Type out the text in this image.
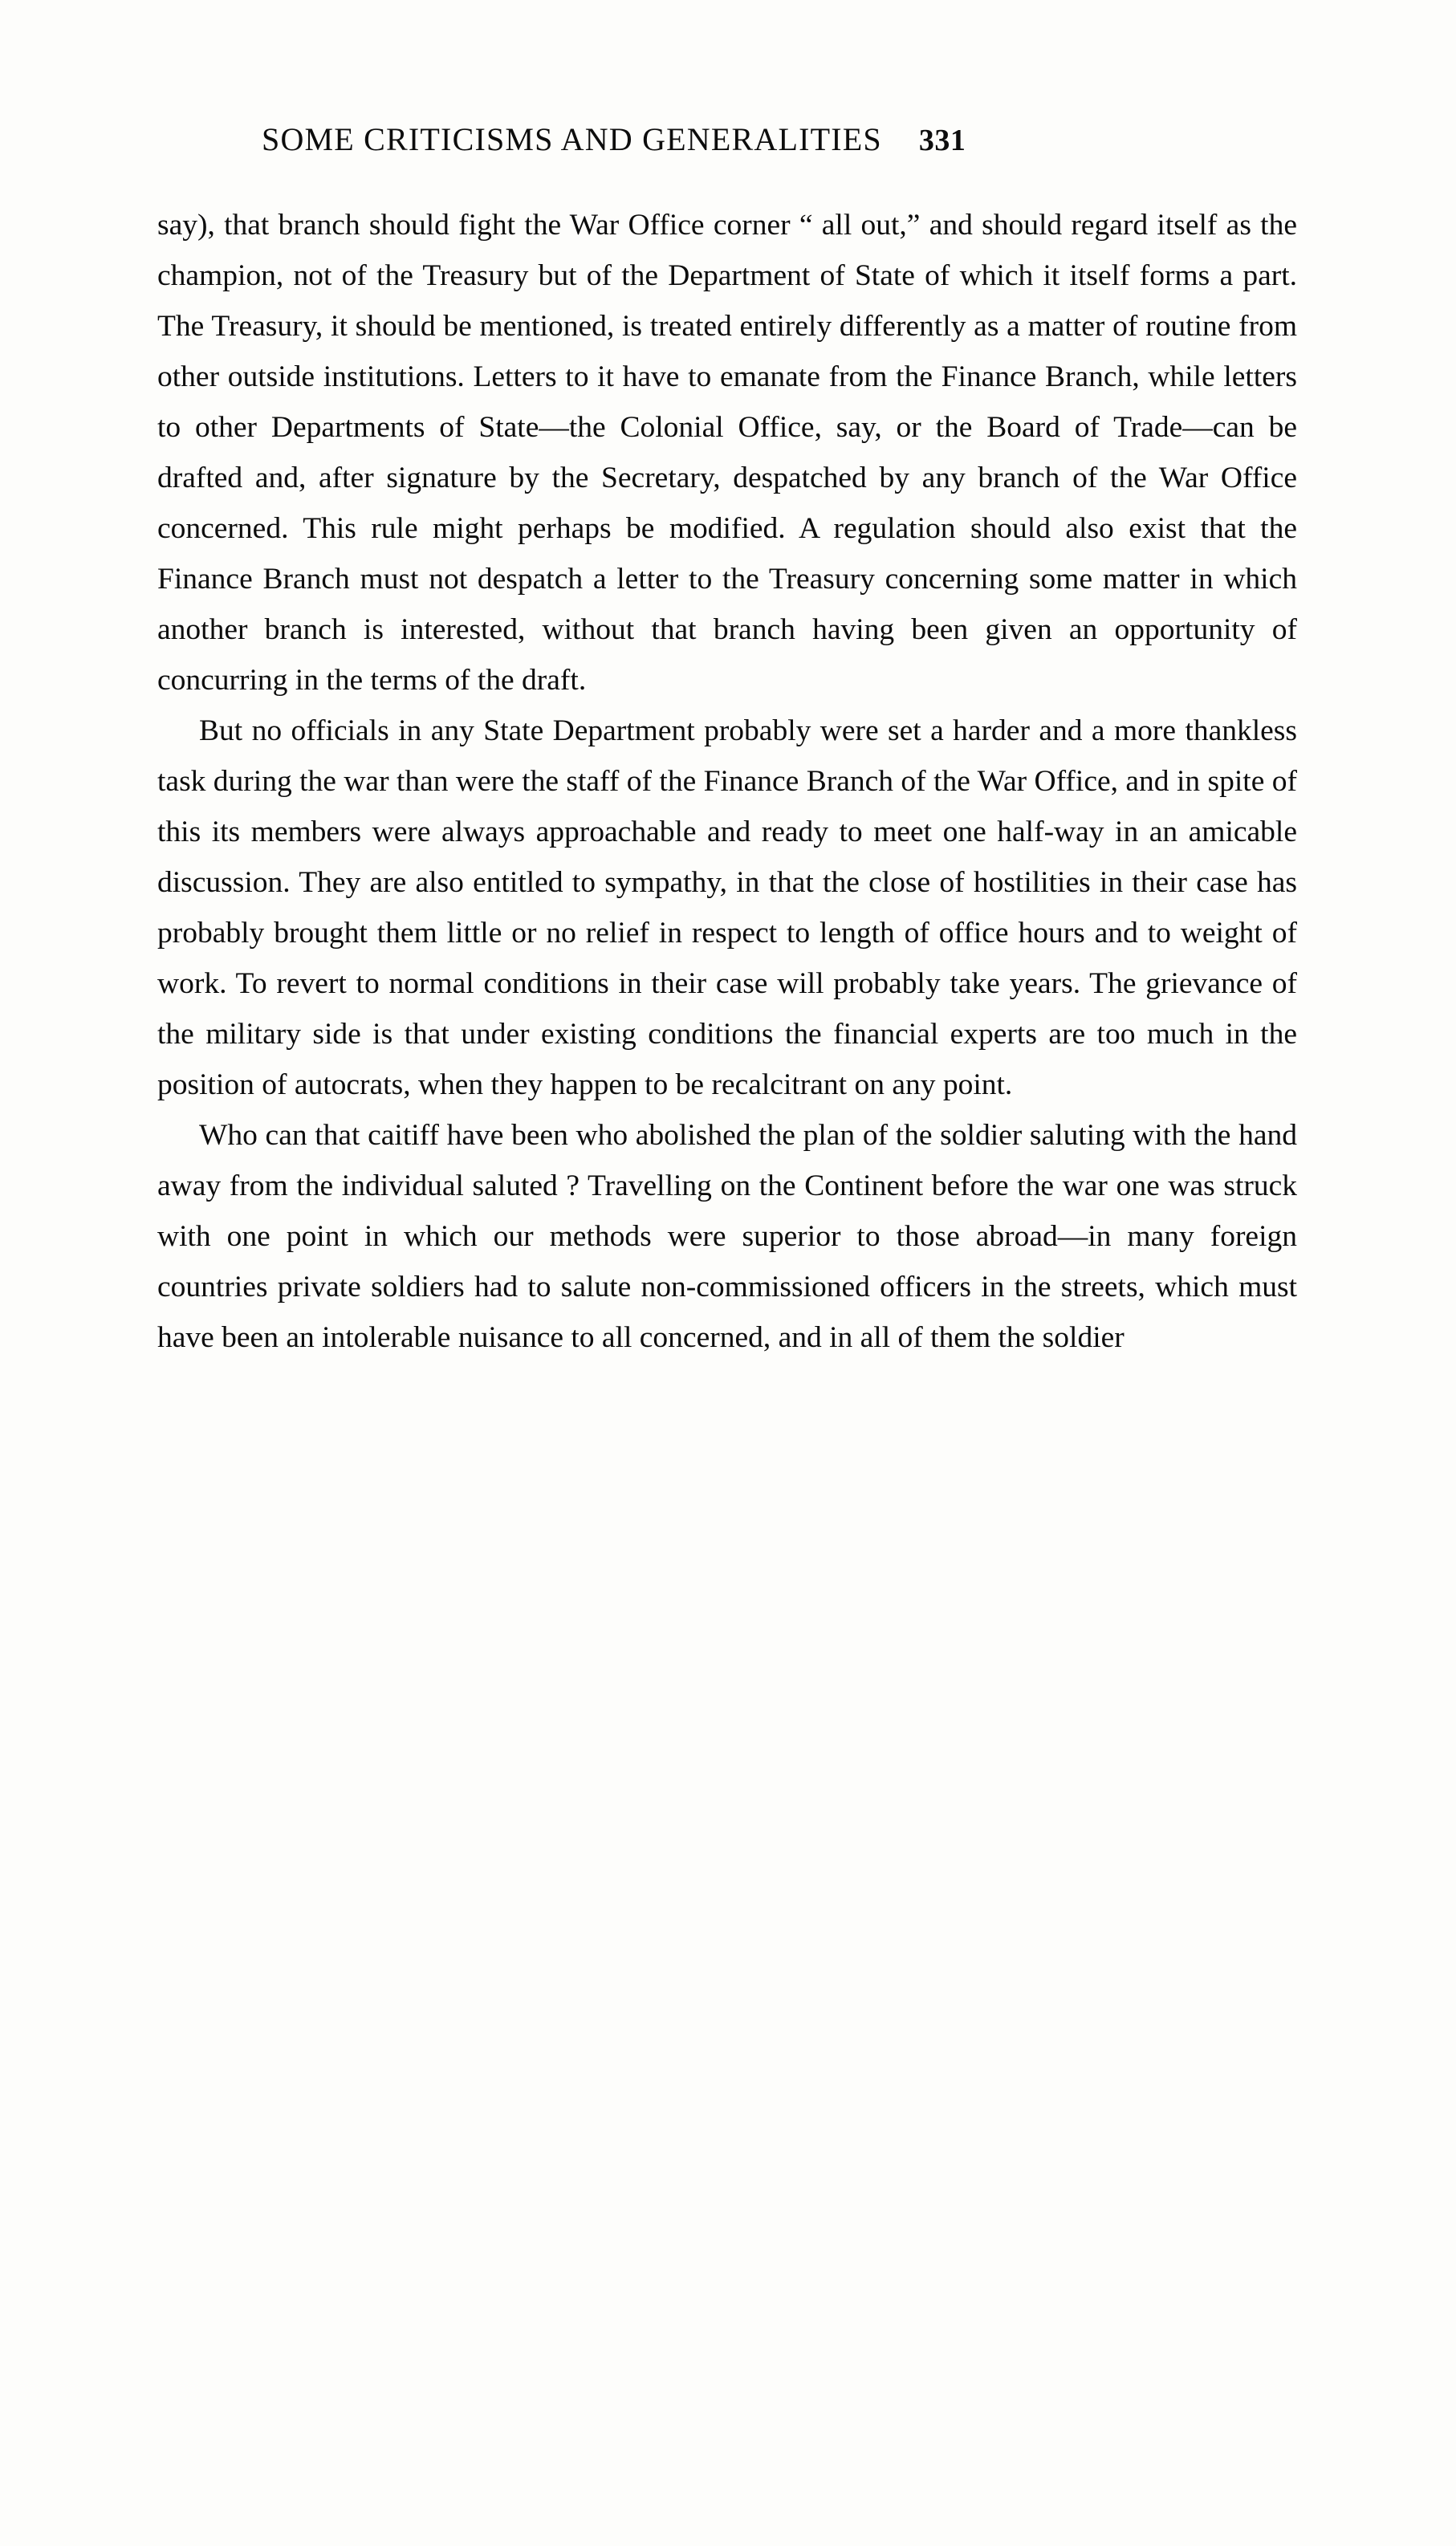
SOME CRITICISMS AND GENERALITIES 331

say), that branch should fight the War Office corner “ all out,” and should regard itself as the champion, not of the Treasury but of the Department of State of which it itself forms a part. The Treasury, it should be mentioned, is treated entirely differently as a matter of routine from other outside institutions. Letters to it have to emanate from the Finance Branch, while letters to other Departments of State—the Colonial Office, say, or the Board of Trade—can be drafted and, after signature by the Secretary, despatched by any branch of the War Office concerned. This rule might perhaps be modified. A regulation should also exist that the Finance Branch must not despatch a letter to the Treasury concerning some matter in which another branch is interested, without that branch having been given an opportunity of concurring in the terms of the draft.

But no officials in any State Department probably were set a harder and a more thankless task during the war than were the staff of the Finance Branch of the War Office, and in spite of this its members were always approachable and ready to meet one half-way in an amicable discussion. They are also entitled to sympathy, in that the close of hostilities in their case has probably brought them little or no relief in respect to length of office hours and to weight of work. To revert to normal conditions in their case will probably take years. The grievance of the military side is that under existing conditions the financial experts are too much in the position of autocrats, when they happen to be recalcitrant on any point.

Who can that caitiff have been who abolished the plan of the soldier saluting with the hand away from the individual saluted ? Travelling on the Continent before the war one was struck with one point in which our methods were superior to those abroad—in many foreign countries private soldiers had to salute non-commissioned officers in the streets, which must have been an intolerable nuisance to all concerned, and in all of them the soldier
